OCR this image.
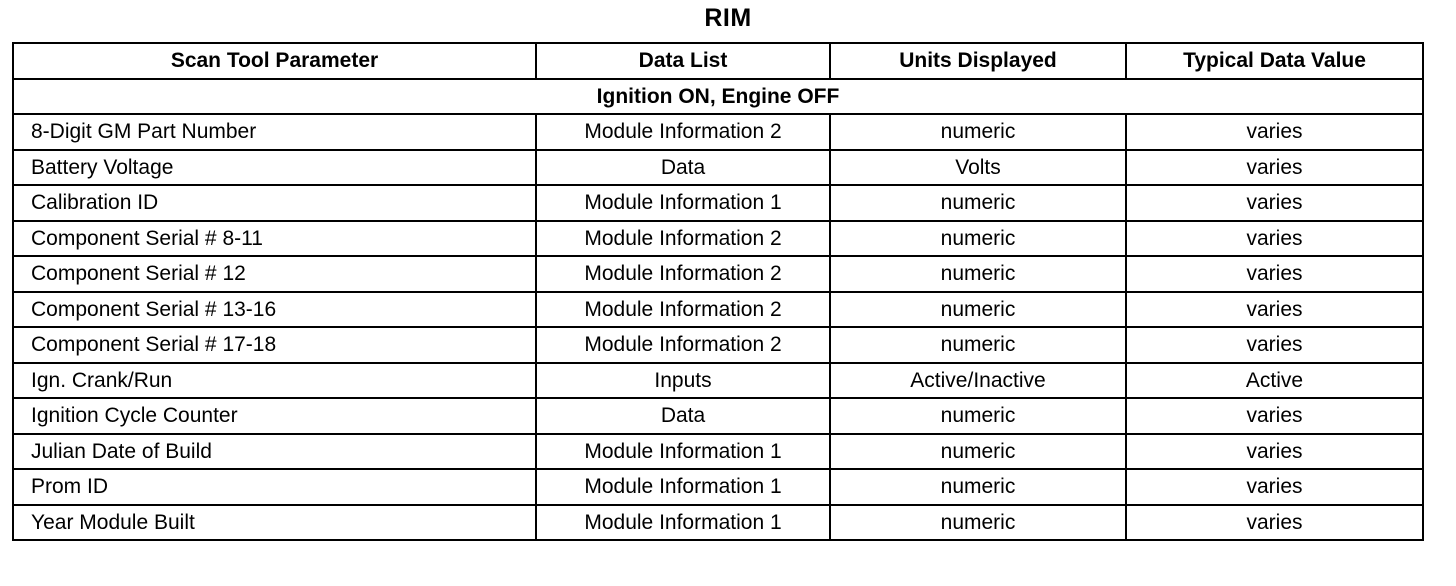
RIM
Scan Tool Parameter	Data List	Units Displayed	Typical Data Value
Ignition ON, Engine OFF			
8-Digit GM Part Number	Module Information 2	numeric	varies
Battery Voltage	Data	Volts	varies
Calibration ID	Module Information 1	numeric	varies
Component Serial # 8-11	Module Information 2	numeric	varies
Component Serial # 12	Module Information 2	numeric	varies
Component Serial # 13-16	Module Information 2	numeric	varies
Component Serial # 17-18	Module Information 2	numeric	varies
Ign. Crank/Run	Inputs	Active/Inactive	Active
Ignition Cycle Counter	Data	numeric	varies
Julian Date of Build	Module Information 1	numeric	varies
Prom ID	Module Information 1	numeric	varies
Year Module Built	Module Information 1	numeric	varies
